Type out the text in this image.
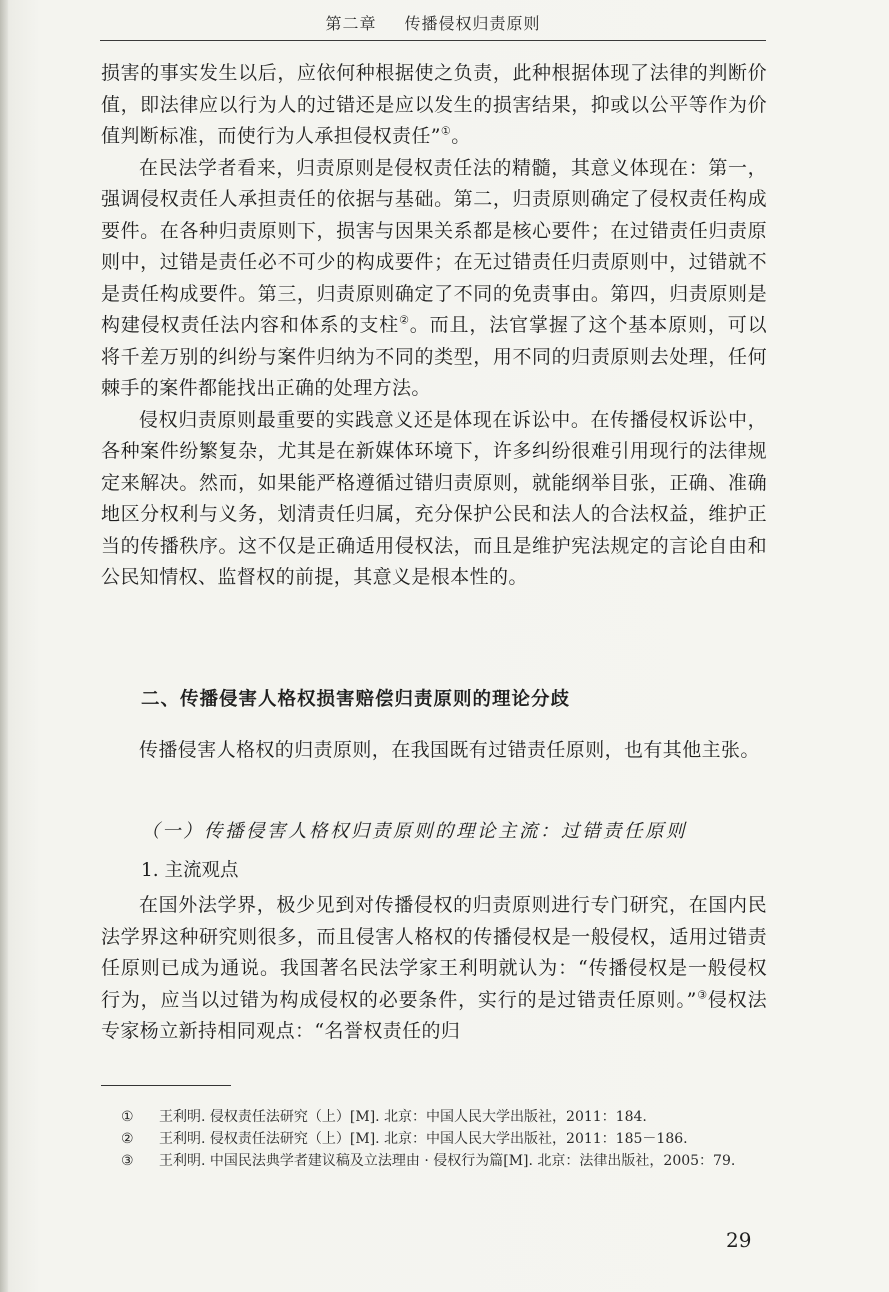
第二章 传播侵权归责原则

损害的事实发生以后，应依何种根据使之负责，此种根据体现了法律的判断价值，即法律应以行为人的过错还是应以发生的损害结果，抑或以公平等作为价值判断标准，而使行为人承担侵权责任”①。

在民法学者看来，归责原则是侵权责任法的精髓，其意义体现在：第一，强调侵权责任人承担责任的依据与基础。第二，归责原则确定了侵权责任构成要件。在各种归责原则下，损害与因果关系都是核心要件；在过错责任归责原则中，过错是责任必不可少的构成要件；在无过错责任归责原则中，过错就不是责任构成要件。第三，归责原则确定了不同的免责事由。第四，归责原则是构建侵权责任法内容和体系的支柱②。而且，法官掌握了这个基本原则，可以将千差万别的纠纷与案件归纳为不同的类型，用不同的归责原则去处理，任何棘手的案件都能找出正确的处理方法。

侵权归责原则最重要的实践意义还是体现在诉讼中。在传播侵权诉讼中，各种案件纷繁复杂，尤其是在新媒体环境下，许多纠纷很难引用现行的法律规定来解决。然而，如果能严格遵循过错归责原则，就能纲举目张，正确、准确地区分权利与义务，划清责任归属，充分保护公民和法人的合法权益，维护正当的传播秩序。这不仅是正确适用侵权法，而且是维护宪法规定的言论自由和公民知情权、监督权的前提，其意义是根本性的。

二、传播侵害人格权损害赔偿归责原则的理论分歧

传播侵害人格权的归责原则，在我国既有过错责任原则，也有其他主张。

（一）传播侵害人格权归责原则的理论主流：过错责任原则
1. 主流观点

在国外法学界，极少见到对传播侵权的归责原则进行专门研究，在国内民法学界这种研究则很多，而且侵害人格权的传播侵权是一般侵权，适用过错责任原则已成为通说。我国著名民法学家王利明就认为：“传播侵权是一般侵权行为，应当以过错为构成侵权的必要条件，实行的是过错责任原则。”③侵权法专家杨立新持相同观点：“名誉权责任的归

①	王利明. 侵权责任法研究（上）[M]. 北京：中国人民大学出版社，2011：184.
②	王利明. 侵权责任法研究（上）[M]. 北京：中国人民大学出版社，2011：185－186.
③	王利明. 中国民法典学者建议稿及立法理由 · 侵权行为篇[M]. 北京：法律出版社，2005：79.
29
